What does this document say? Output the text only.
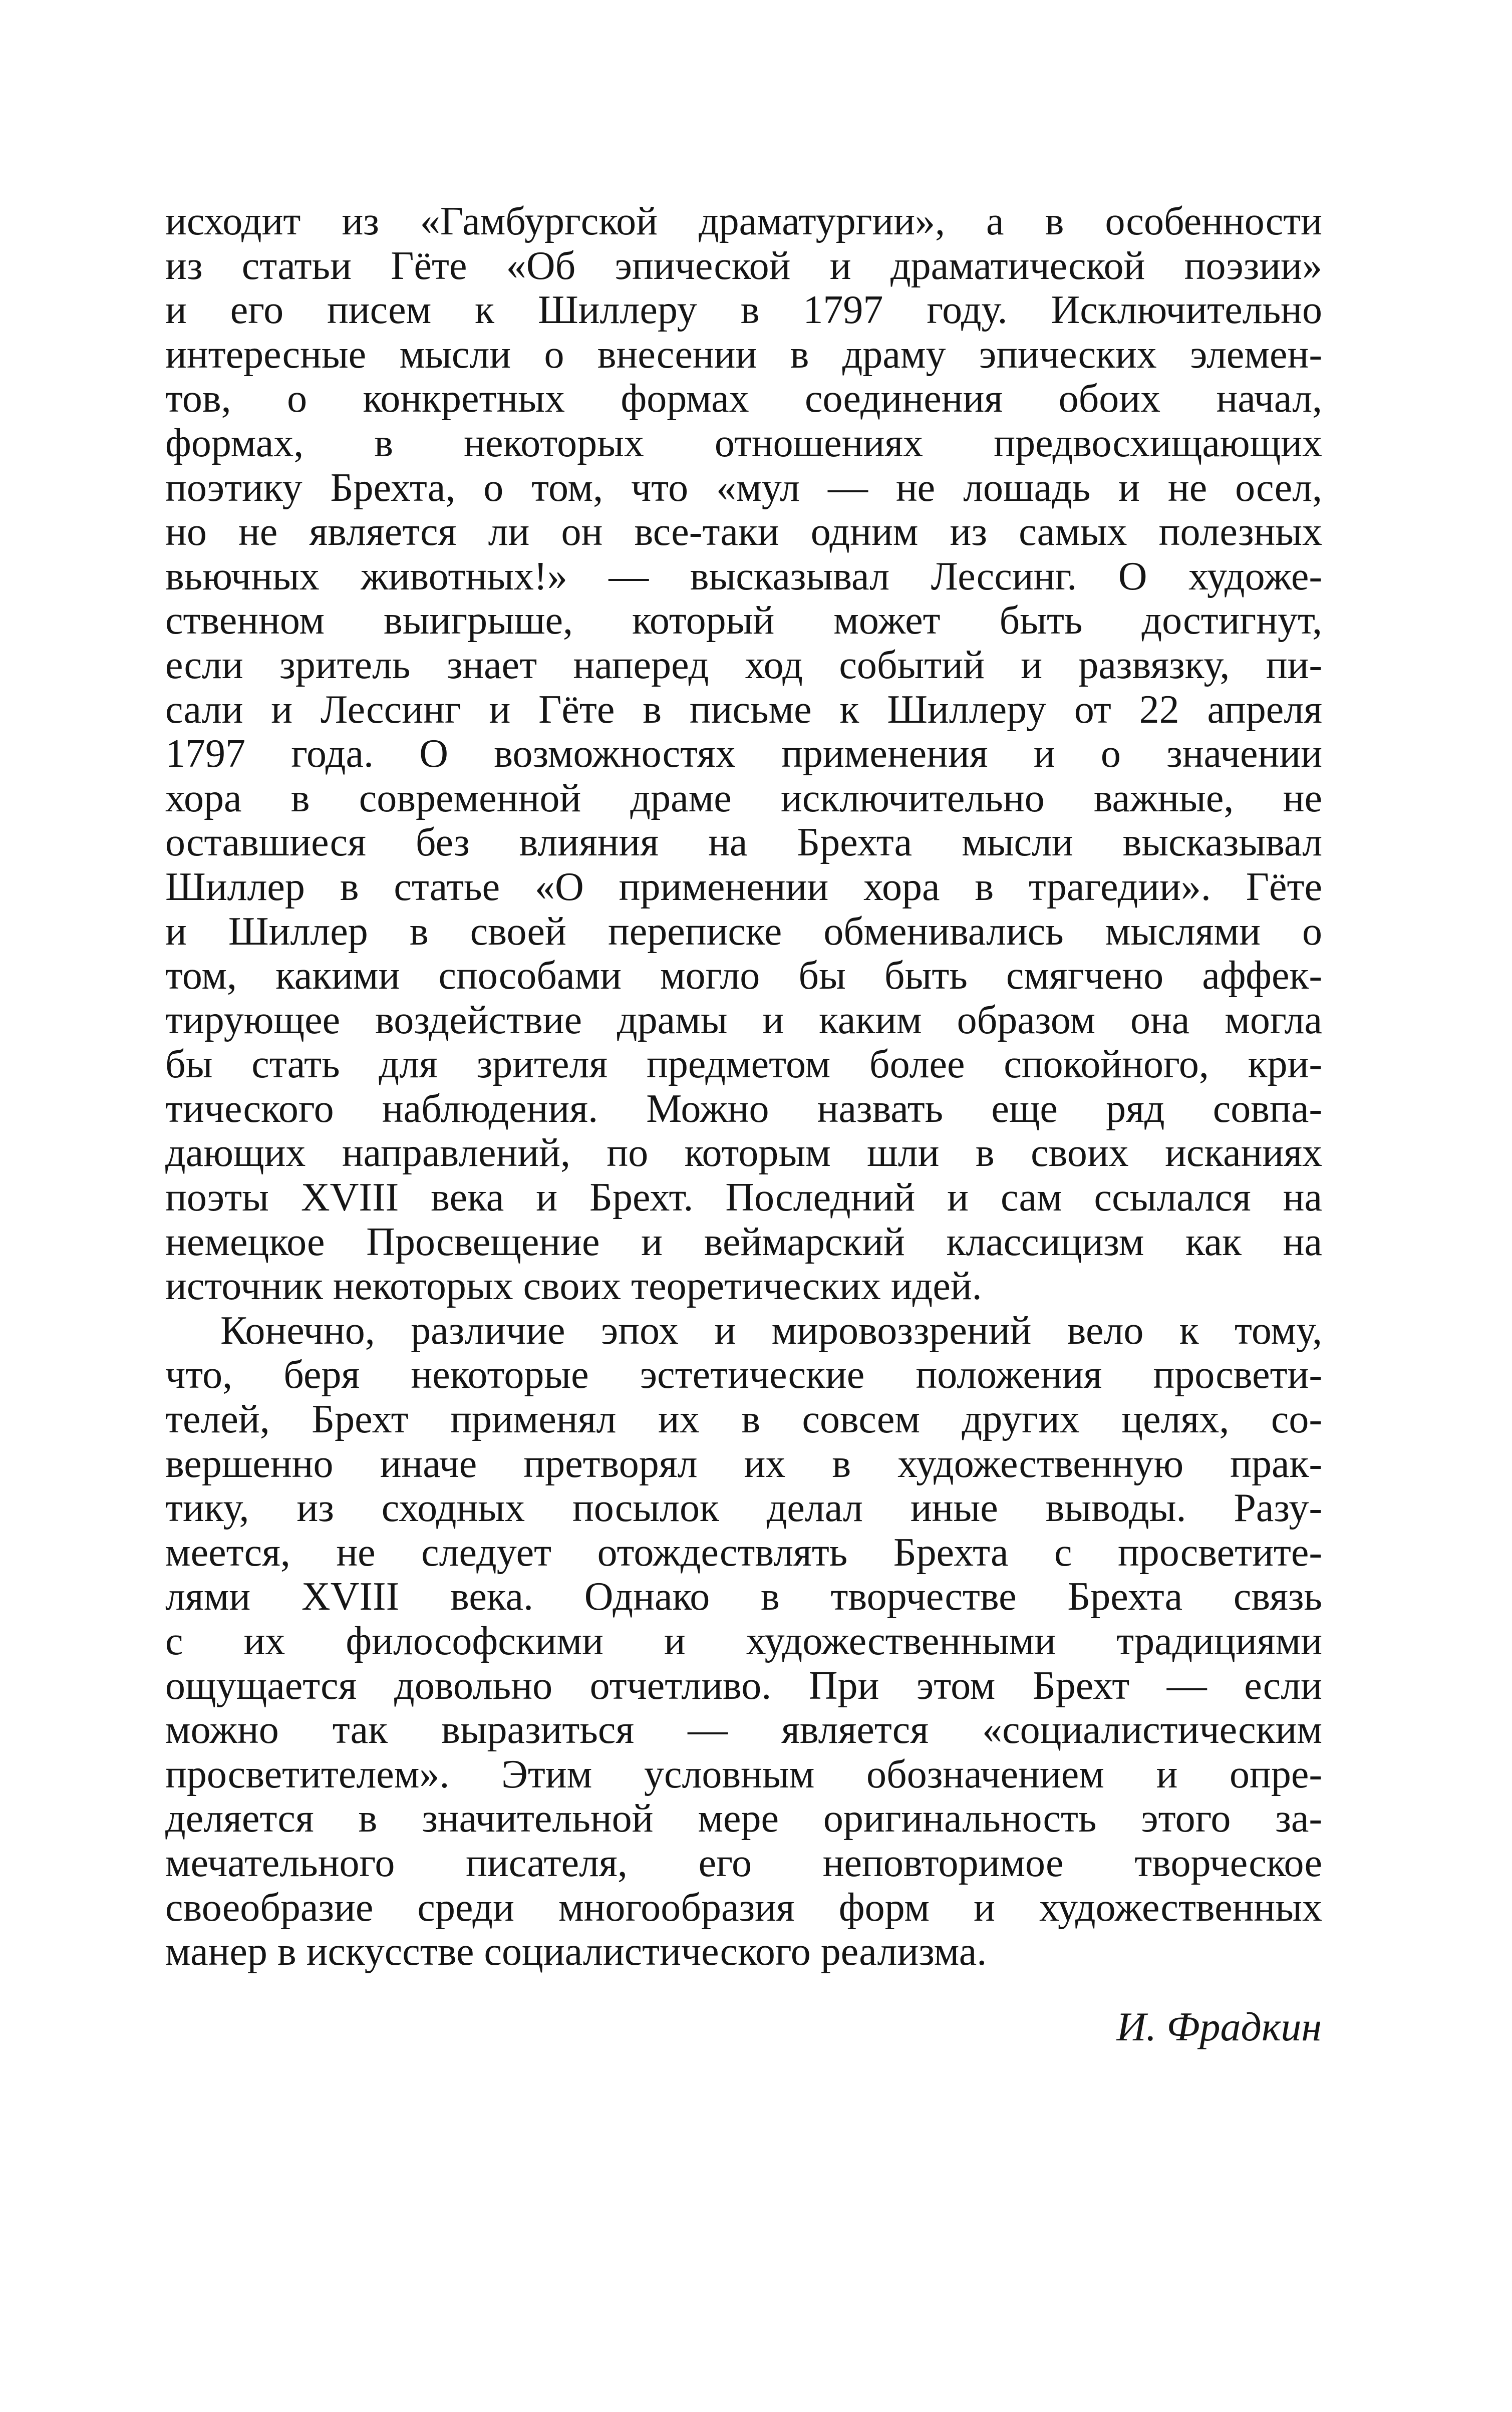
исходит из «Гамбургской драматургии», а в особенности
из статьи Гёте «Об эпической и драматической поэзии»
и его писем к Шиллеру в 1797 году. Исключительно
интересные мысли о внесении в драму эпических элемен-
тов, о конкретных формах соединения обоих начал,
формах, в некоторых отношениях предвосхищающих
поэтику Брехта, о том, что «мул — не лошадь и не осел,
но не является ли он все-таки одним из самых полезных
вьючных животных!» — высказывал Лессинг. О художе-
ственном выигрыше, который может быть достигнут,
если зритель знает наперед ход событий и развязку, пи-
сали и Лессинг и Гёте в письме к Шиллеру от 22 апреля
1797 года. О возможностях применения и о значении
хора в современной драме исключительно важные, не
оставшиеся без влияния на Брехта мысли высказывал
Шиллер в статье «О применении хора в трагедии». Гёте
и Шиллер в своей переписке обменивались мыслями о
том, какими способами могло бы быть смягчено аффек-
тирующее воздействие драмы и каким образом она могла
бы стать для зрителя предметом более спокойного, кри-
тического наблюдения. Можно назвать еще ряд совпа-
дающих направлений, по которым шли в своих исканиях
поэты XVIII века и Брехт. Последний и сам ссылался на
немецкое Просвещение и веймарский классицизм как на
источник некоторых своих теоретических идей.
Конечно, различие эпох и мировоззрений вело к тому,
что, беря некоторые эстетические положения просвети-
телей, Брехт применял их в совсем других целях, со-
вершенно иначе претворял их в художественную прак-
тику, из сходных посылок делал иные выводы. Разу-
меется, не следует отождествлять Брехта с просветите-
лями XVIII века. Однако в творчестве Брехта связь
с их философскими и художественными традициями
ощущается довольно отчетливо. При этом Брехт — если
можно так выразиться — является «социалистическим
просветителем». Этим условным обозначением и опре-
деляется в значительной мере оригинальность этого за-
мечательного писателя, его неповторимое творческое
своеобразие среди многообразия форм и художественных
манер в искусстве социалистического реализма.
И. Фрадкин
